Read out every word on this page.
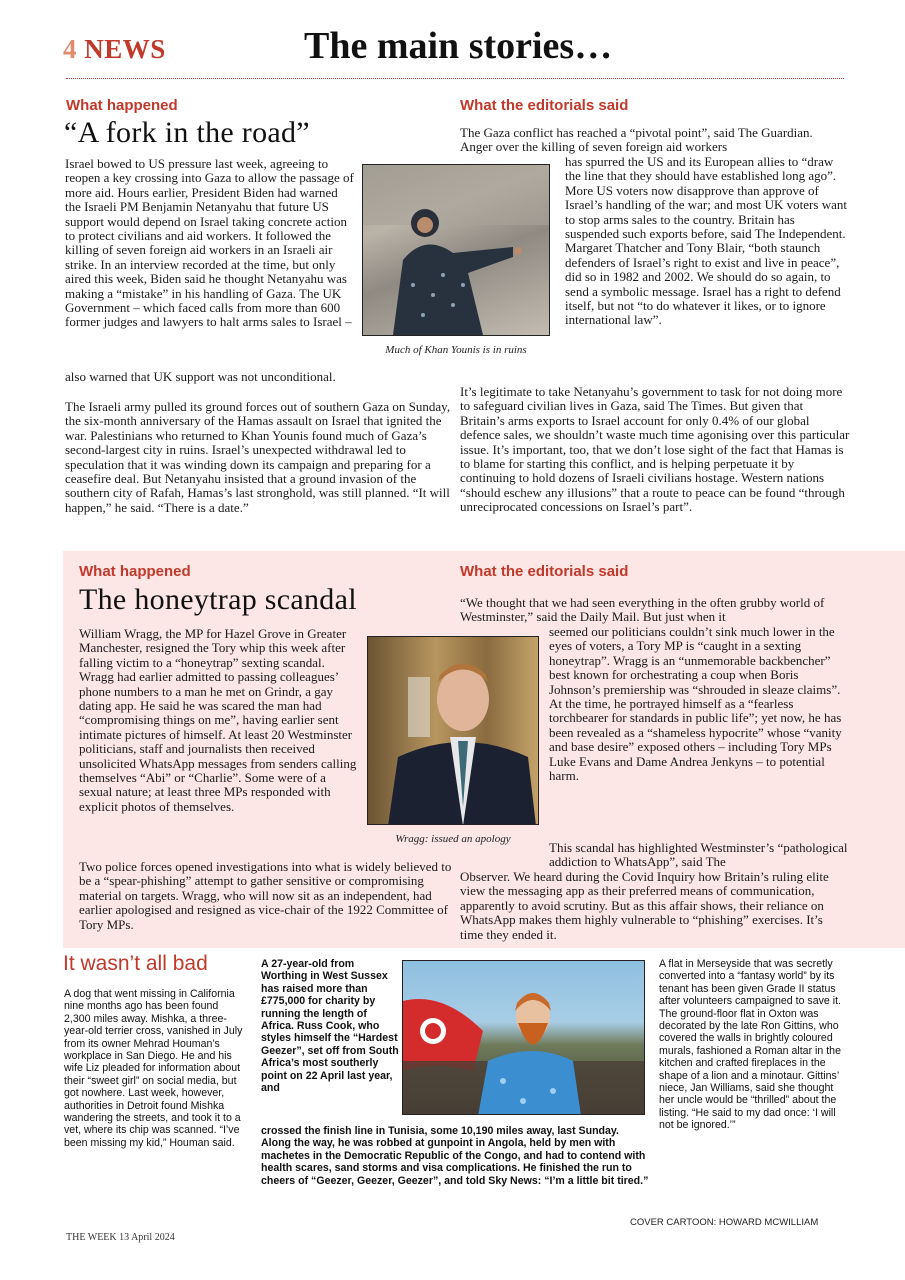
4 NEWS	The main stories…
What happened
“A fork in the road”
Israel bowed to US pressure last week, agreeing to reopen a key crossing into Gaza to allow the passage of more aid. Hours earlier, President Biden had warned the Israeli PM Benjamin Netanyahu that future US support would depend on Israel taking concrete action to protect civilians and aid workers. It followed the killing of seven foreign aid workers in an Israeli air strike. In an interview recorded at the time, but only aired this week, Biden said he thought Netanyahu was making a “mistake” in his handling of Gaza. The UK Government – which faced calls from more than 600 former judges and lawyers to halt arms sales to Israel –
also warned that UK support was not unconditional.
The Israeli army pulled its ground forces out of southern Gaza on Sunday, the six-month anniversary of the Hamas assault on Israel that ignited the war. Palestinians who returned to Khan Younis found much of Gaza’s second-largest city in ruins. Israel’s unexpected withdrawal led to speculation that it was winding down its campaign and preparing for a ceasefire deal. But Netanyahu insisted that a ground invasion of the southern city of Rafah, Hamas’s last stronghold, was still planned. “It will happen,” he said. “There is a date.”
Much of Khan Younis is in ruins
What the editorials said
The Gaza conflict has reached a “pivotal point”, said The Guardian. Anger over the killing of seven foreign aid workers
has spurred the US and its European allies to “draw the line that they should have established long ago”. More US voters now disapprove than approve of Israel’s handling of the war; and most UK voters want to stop arms sales to the country. Britain has suspended such exports before, said The Independent. Margaret Thatcher and Tony Blair, “both staunch defenders of Israel’s right to exist and live in peace”, did so in 1982 and 2002. We should do so again, to send a symbolic message. Israel has a right to defend itself, but not “to do whatever it likes, or to ignore international law”.
It’s legitimate to take Netanyahu’s government to task for not doing more to safeguard civilian lives in Gaza, said The Times. But given that Britain’s arms exports to Israel account for only 0.4% of our global defence sales, we shouldn’t waste much time agonising over this particular issue. It’s important, too, that we don’t lose sight of the fact that Hamas is to blame for starting this conflict, and is helping perpetuate it by continuing to hold dozens of Israeli civilians hostage. Western nations “should eschew any illusions” that a route to peace can be found “through unreciprocated concessions on Israel’s part”.
What happened
The honeytrap scandal
William Wragg, the MP for Hazel Grove in Greater Manchester, resigned the Tory whip this week after falling victim to a “honeytrap” sexting scandal. Wragg had earlier admitted to passing colleagues’ phone numbers to a man he met on Grindr, a gay dating app. He said he was scared the man had “compromising things on me”, having earlier sent intimate pictures of himself. At least 20 Westminster politicians, staff and journalists then received unsolicited WhatsApp messages from senders calling themselves “Abi” or “Charlie”. Some were of a sexual nature; at least three MPs responded with explicit photos of themselves.
Two police forces opened investigations into what is widely believed to be a “spear-phishing” attempt to gather sensitive or compromising material on targets. Wragg, who will now sit as an independent, had earlier apologised and resigned as vice-chair of the 1922 Committee of Tory MPs.
Wragg: issued an apology
What the editorials said
“We thought that we had seen everything in the often grubby world of Westminster,” said the Daily Mail. But just when it
seemed our politicians couldn’t sink much lower in the eyes of voters, a Tory MP is “caught in a sexting honeytrap”. Wragg is an “unmemorable backbencher” best known for orchestrating a coup when Boris Johnson’s premiership was “shrouded in sleaze claims”. At the time, he portrayed himself as a “fearless torchbearer for standards in public life”; yet now, he has been revealed as a “shameless hypocrite” whose “vanity and base desire” exposed others – including Tory MPs Luke Evans and Dame Andrea Jenkyns – to potential harm.
This scandal has highlighted Westminster’s “pathological addiction to WhatsApp”, said The
Observer. We heard during the Covid Inquiry how Britain’s ruling elite view the messaging app as their preferred means of communication, apparently to avoid scrutiny. But as this affair shows, their reliance on WhatsApp makes them highly vulnerable to “phishing” exercises. It’s time they ended it.
It wasn’t all bad
A dog that went missing in California nine months ago has been found 2,300 miles away. Mishka, a three-year-old terrier cross, vanished in July from its owner Mehrad Houman’s workplace in San Diego. He and his wife Liz pleaded for information about their “sweet girl” on social media, but got nowhere. Last week, however, authorities in Detroit found Mishka wandering the streets, and took it to a vet, where its chip was scanned. “I’ve been missing my kid,” Houman said.
A 27-year-old from Worthing in West Sussex has raised more than £775,000 for charity by running the length of Africa. Russ Cook, who styles himself the “Hardest Geezer”, set off from South Africa’s most southerly point on 22 April last year, and
crossed the finish line in Tunisia, some 10,190 miles away, last Sunday. Along the way, he was robbed at gunpoint in Angola, held by men with machetes in the Democratic Republic of the Congo, and had to contend with health scares, sand storms and visa complications. He finished the run to cheers of “Geezer, Geezer, Geezer”, and told Sky News: “I’m a little bit tired.”
A flat in Merseyside that was secretly converted into a “fantasy world” by its tenant has been given Grade II status after volunteers campaigned to save it. The ground-floor flat in Oxton was decorated by the late Ron Gittins, who covered the walls in brightly coloured murals, fashioned a Roman altar in the kitchen and crafted fireplaces in the shape of a lion and a minotaur. Gittins’ niece, Jan Williams, said she thought her uncle would be “thrilled” about the listing. “He said to my dad once: ‘I will not be ignored.’”
COVER CARTOON: HOWARD MCWILLIAM
THE WEEK 13 April 2024
